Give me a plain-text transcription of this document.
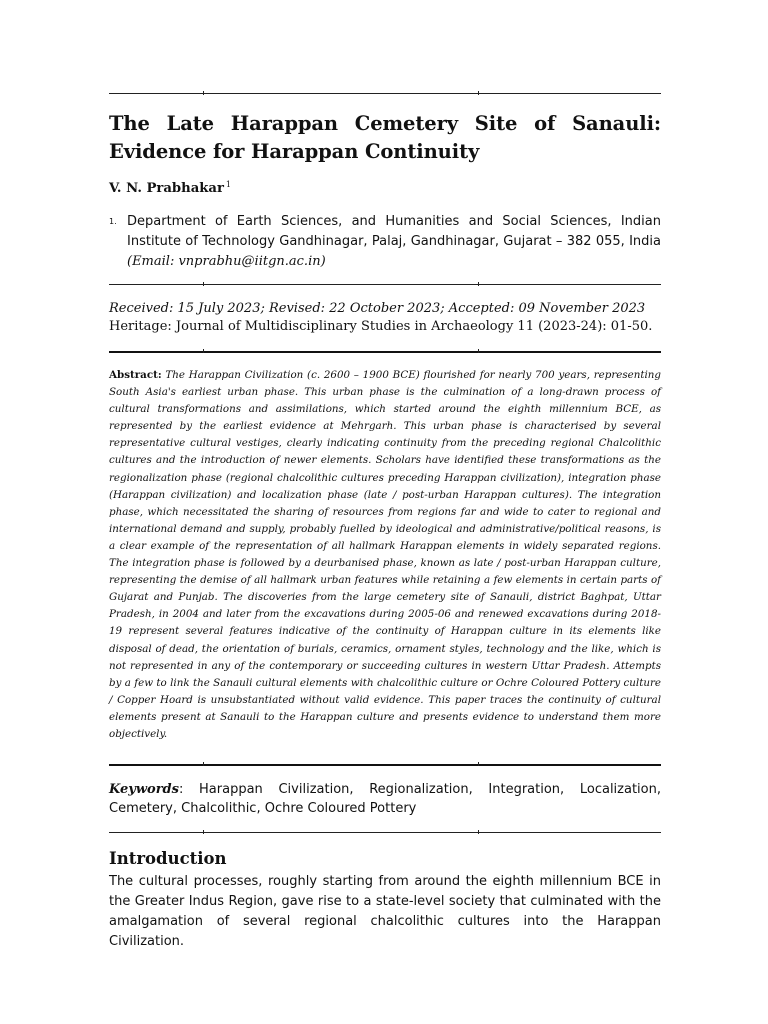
The Late Harappan Cemetery Site of Sanauli: Evidence for Harappan Continuity
V. N. Prabhakar $^1$
1. Department of Earth Sciences, and Humanities and Social Sciences, Indian Institute of Technology Gandhinagar, Palaj, Gandhinagar, Gujarat – 382 055, India (Email: vnprabhu@iitgn.ac.in)
Received: 15 July 2023; Revised: 22 October 2023; Accepted: 09 November 2023
Heritage: Journal of Multidisciplinary Studies in Archaeology 11 (2023-24): 01-50.
Abstract: The Harappan Civilization (c. 2600 – 1900 BCE) flourished for nearly 700 years, representing South Asia's earliest urban phase. This urban phase is the culmination of a long-drawn process of cultural transformations and assimilations, which started around the eighth millennium BCE, as represented by the earliest evidence at Mehrgarh. This urban phase is characterised by several representative cultural vestiges, clearly indicating continuity from the preceding regional Chalcolithic cultures and the introduction of newer elements. Scholars have identified these transformations as the regionalization phase (regional chalcolithic cultures preceding Harappan civilization), integration phase (Harappan civilization) and localization phase (late / post-urban Harappan cultures). The integration phase, which necessitated the sharing of resources from regions far and wide to cater to regional and international demand and supply, probably fuelled by ideological and administrative/political reasons, is a clear example of the representation of all hallmark Harappan elements in widely separated regions. The integration phase is followed by a deurbanised phase, known as late / post-urban Harappan culture, representing the demise of all hallmark urban features while retaining a few elements in certain parts of Gujarat and Punjab. The discoveries from the large cemetery site of Sanauli, district Baghpat, Uttar Pradesh, in 2004 and later from the excavations during 2005-06 and renewed excavations during 2018-19 represent several features indicative of the continuity of Harappan culture in its elements like disposal of dead, the orientation of burials, ceramics, ornament styles, technology and the like, which is not represented in any of the contemporary or succeeding cultures in western Uttar Pradesh. Attempts by a few to link the Sanauli cultural elements with chalcolithic culture or Ochre Coloured Pottery culture / Copper Hoard is unsubstantiated without valid evidence. This paper traces the continuity of cultural elements present at Sanauli to the Harappan culture and presents evidence to understand them more objectively.
Keywords: Harappan Civilization, Regionalization, Integration, Localization, Cemetery, Chalcolithic, Ochre Coloured Pottery
Introduction

The cultural processes, roughly starting from around the eighth millennium BCE in the Greater Indus Region, gave rise to a state-level society that culminated with the amalgamation of several regional chalcolithic cultures into the Harappan Civilization.
